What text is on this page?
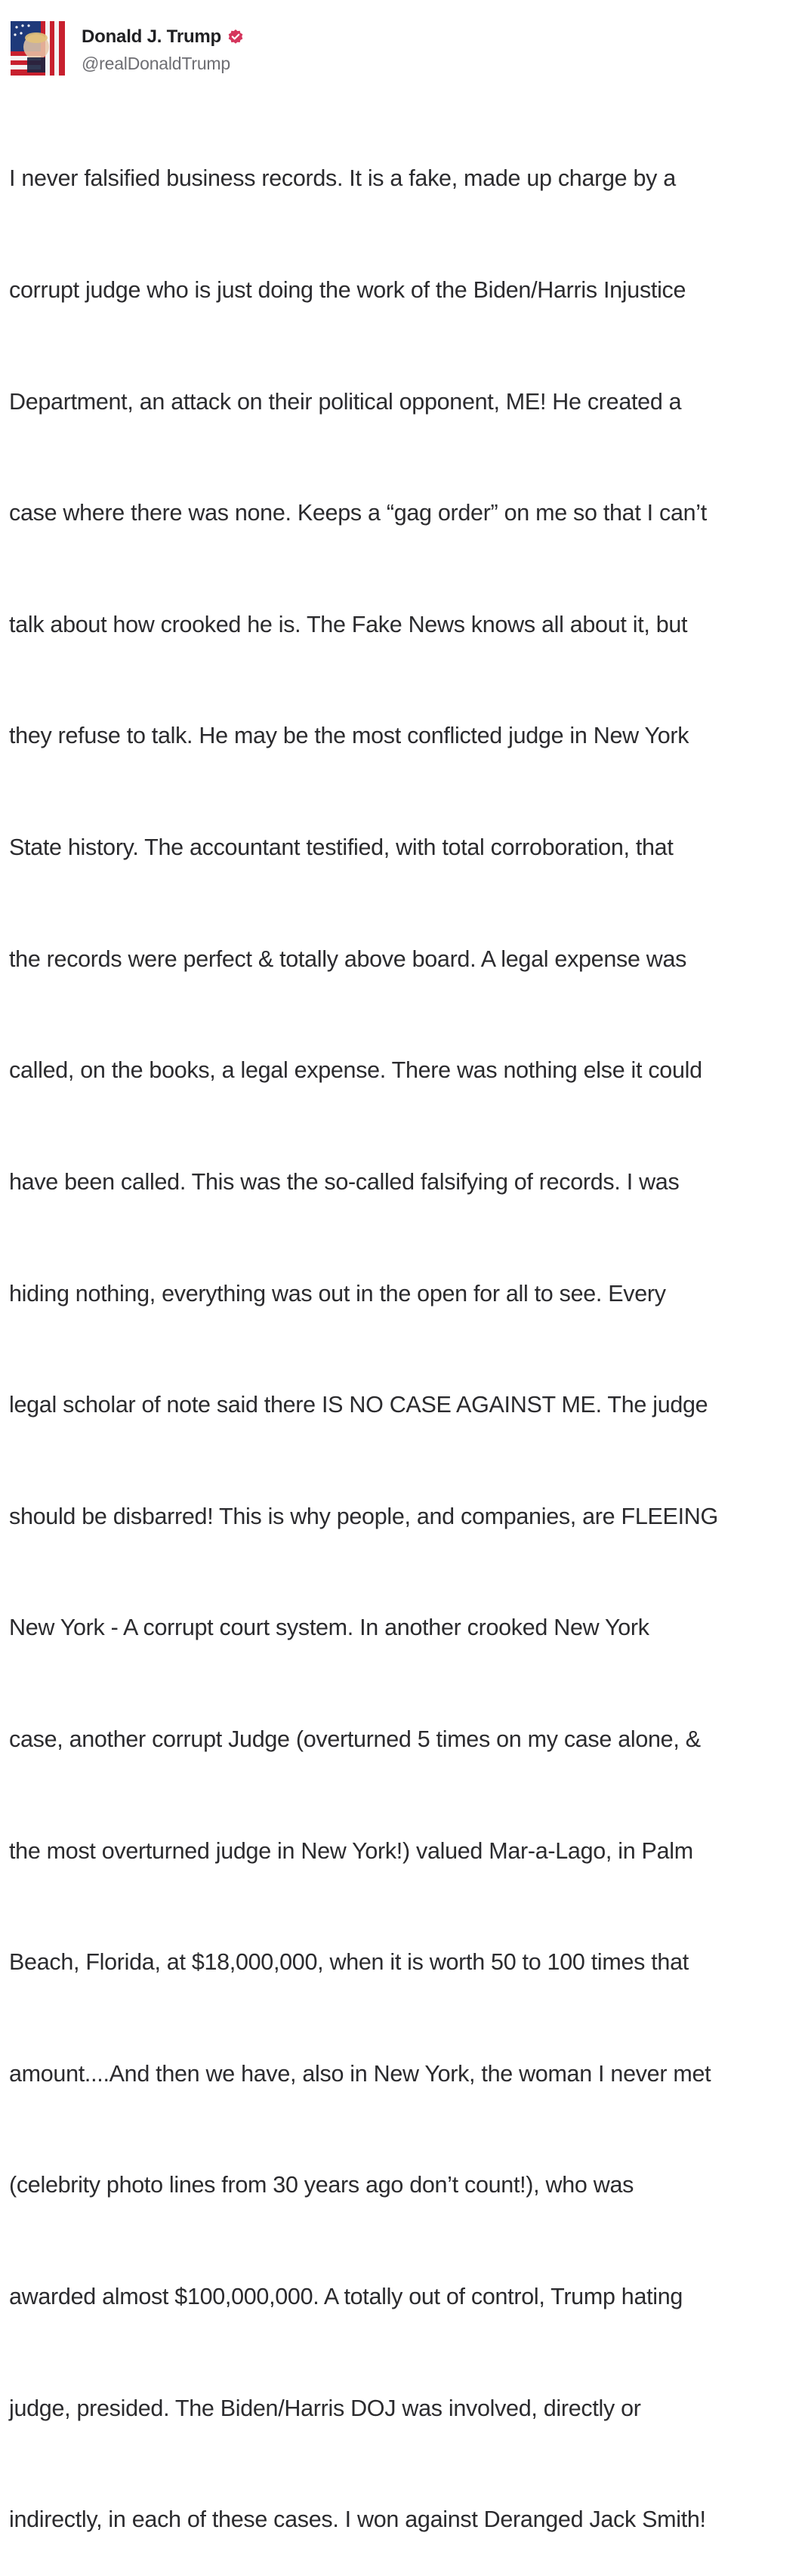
Donald J. Trump
@realDonaldTrump

I never falsified business records. It is a fake, made up charge by a

corrupt judge who is just doing the work of the Biden/Harris Injustice

Department, an attack on their political opponent, ME! He created a

case where there was none. Keeps a “gag order” on me so that I can’t

talk about how crooked he is. The Fake News knows all about it, but

they refuse to talk. He may be the most conflicted judge in New York

State history. The accountant testified, with total corroboration, that

the records were perfect & totally above board. A legal expense was

called, on the books, a legal expense. There was nothing else it could

have been called. This was the so-called falsifying of records. I was

hiding nothing, everything was out in the open for all to see. Every

legal scholar of note said there IS NO CASE AGAINST ME. The judge

should be disbarred! This is why people, and companies, are FLEEING

New York - A corrupt court system. In another crooked New York

case, another corrupt Judge (overturned 5 times on my case alone, &

the most overturned judge in New York!) valued Mar-a-Lago, in Palm

Beach, Florida, at $18,000,000, when it is worth 50 to 100 times that

amount....And then we have, also in New York, the woman I never met

(celebrity photo lines from 30 years ago don’t count!), who was

awarded almost $100,000,000. A totally out of control, Trump hating

judge, presided. The Biden/Harris DOJ was involved, directly or

indirectly, in each of these cases. I won against Deranged Jack Smith!
